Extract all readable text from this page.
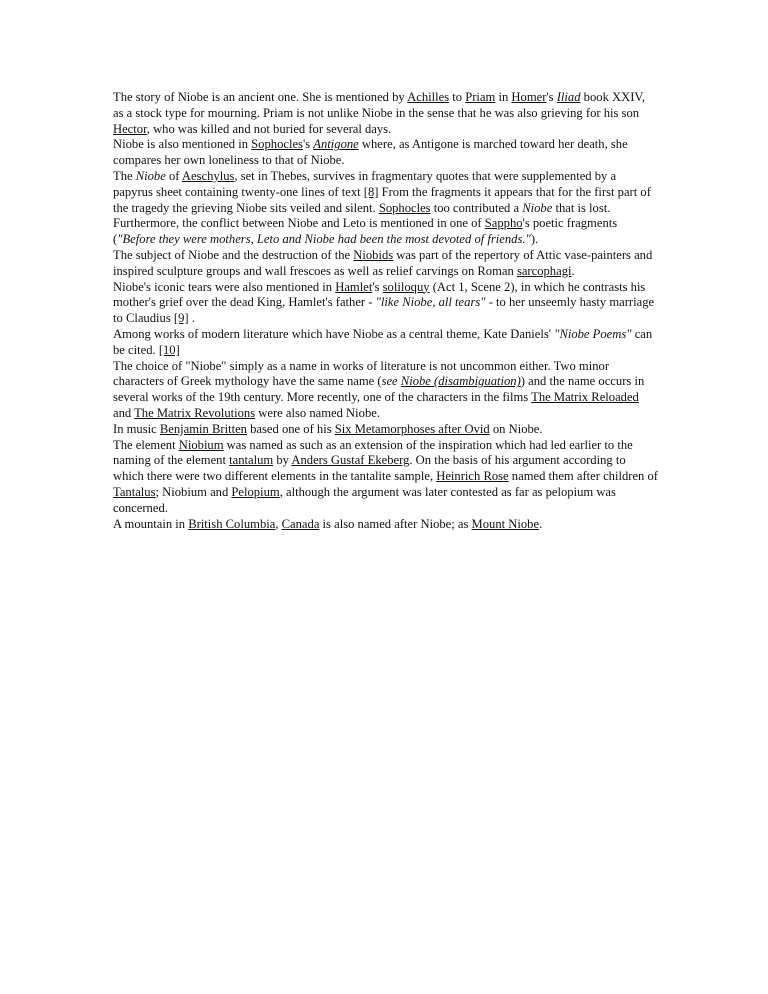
The story of Niobe is an ancient one. She is mentioned by Achilles to Priam in Homer's Iliad book XXIV, as a stock type for mourning. Priam is not unlike Niobe in the sense that he was also grieving for his son Hector, who was killed and not buried for several days.

Niobe is also mentioned in Sophocles's Antigone where, as Antigone is marched toward her death, she compares her own loneliness to that of Niobe.

The Niobe of Aeschylus, set in Thebes, survives in fragmentary quotes that were supplemented by a papyrus sheet containing twenty-one lines of text [8] From the fragments it appears that for the first part of the tragedy the grieving Niobe sits veiled and silent. Sophocles too contributed a Niobe that is lost.

Furthermore, the conflict between Niobe and Leto is mentioned in one of Sappho's poetic fragments ("Before they were mothers, Leto and Niobe had been the most devoted of friends.").

The subject of Niobe and the destruction of the Niobids was part of the repertory of Attic vase-painters and inspired sculpture groups and wall frescoes as well as relief carvings on Roman sarcophagi.

Niobe's iconic tears were also mentioned in Hamlet's soliloquy (Act 1, Scene 2), in which he contrasts his mother's grief over the dead King, Hamlet's father - "like Niobe, all tears" - to her unseemly hasty marriage to Claudius [9] .

Among works of modern literature which have Niobe as a central theme, Kate Daniels' "Niobe Poems" can be cited. [10]

The choice of "Niobe" simply as a name in works of literature is not uncommon either. Two minor characters of Greek mythology have the same name (see Niobe (disambiguation)) and the name occurs in several works of the 19th century. More recently, one of the characters in the films The Matrix Reloaded and The Matrix Revolutions were also named Niobe.

In music Benjamin Britten based one of his Six Metamorphoses after Ovid on Niobe.

The element Niobium was named as such as an extension of the inspiration which had led earlier to the naming of the element tantalum by Anders Gustaf Ekeberg. On the basis of his argument according to which there were two different elements in the tantalite sample, Heinrich Rose named them after children of Tantalus; Niobium and Pelopium, although the argument was later contested as far as pelopium was concerned.

A mountain in British Columbia, Canada is also named after Niobe; as Mount Niobe.
